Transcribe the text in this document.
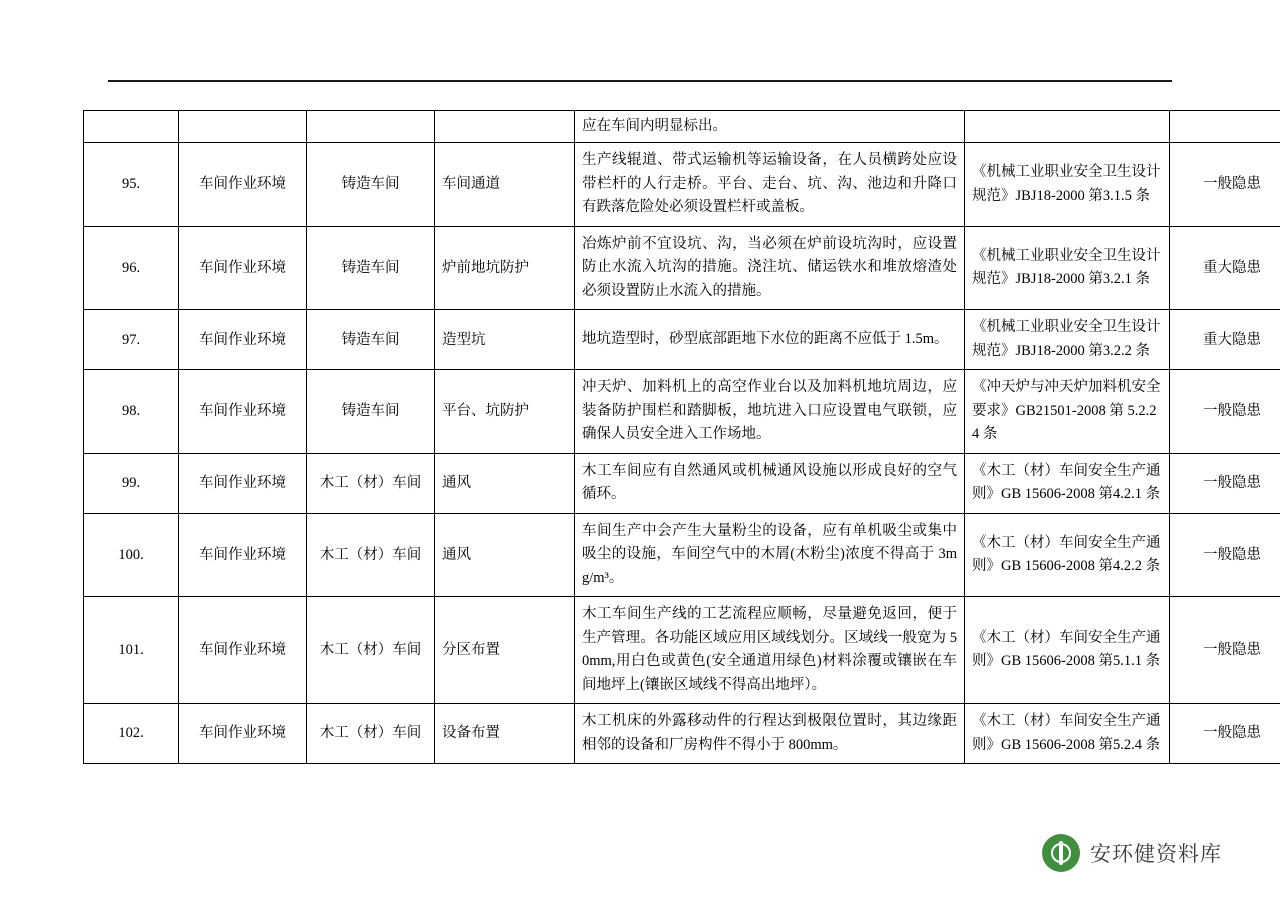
				应在车间内明显标出。		
95.	车间作业环境	铸造车间	车间通道	生产线辊道、带式运输机等运输设备，在人员横跨处应设带栏杆的人行走桥。平台、走台、坑、沟、池边和升降口有跌落危险处必须设置栏杆或盖板。	《机械工业职业安全卫生设计规范》JBJ18-2000 第3.1.5 条	一般隐患
96.	车间作业环境	铸造车间	炉前地坑防护	冶炼炉前不宜设坑、沟，当必须在炉前设坑沟时，应设置防止水流入坑沟的措施。浇注坑、储运铁水和堆放熔渣处必须设置防止水流入的措施。	《机械工业职业安全卫生设计规范》JBJ18-2000 第3.2.1 条	重大隐患
97.	车间作业环境	铸造车间	造型坑	地坑造型时，砂型底部距地下水位的距离不应低于 1.5m。	《机械工业职业安全卫生设计规范》JBJ18-2000 第3.2.2 条	重大隐患
98.	车间作业环境	铸造车间	平台、坑防护	冲天炉、加料机上的高空作业台以及加料机地坑周边，应装备防护围栏和踏脚板，地坑进入口应设置电气联锁，应确保人员安全进入工作场地。	《冲天炉与冲天炉加料机安全要求》GB21501-2008 第 5.2.24 条	一般隐患
99.	车间作业环境	木工（材）车间	通风	木工车间应有自然通风或机械通风设施以形成良好的空气循环。	《木工（材）车间安全生产通则》GB 15606-2008 第4.2.1 条	一般隐患
100.	车间作业环境	木工（材）车间	通风	车间生产中会产生大量粉尘的设备，应有单机吸尘或集中吸尘的设施，车间空气中的木屑(木粉尘)浓度不得高于 3mg/m³。	《木工（材）车间安全生产通则》GB 15606-2008 第4.2.2 条	一般隐患
101.	车间作业环境	木工（材）车间	分区布置	木工车间生产线的工艺流程应顺畅，尽量避免返回，便于生产管理。各功能区域应用区域线划分。区域线一般宽为 50mm,用白色或黄色(安全通道用绿色)材料涂覆或镶嵌在车间地坪上(镶嵌区域线不得高出地坪）。	《木工（材）车间安全生产通则》GB 15606-2008 第5.1.1 条	一般隐患
102.	车间作业环境	木工（材）车间	设备布置	木工机床的外露移动件的行程达到极限位置时，其边缘距相邻的设备和厂房构件不得小于 800mm。	《木工（材）车间安全生产通则》GB 15606-2008 第5.2.4 条	一般隐患
安环健资料库
